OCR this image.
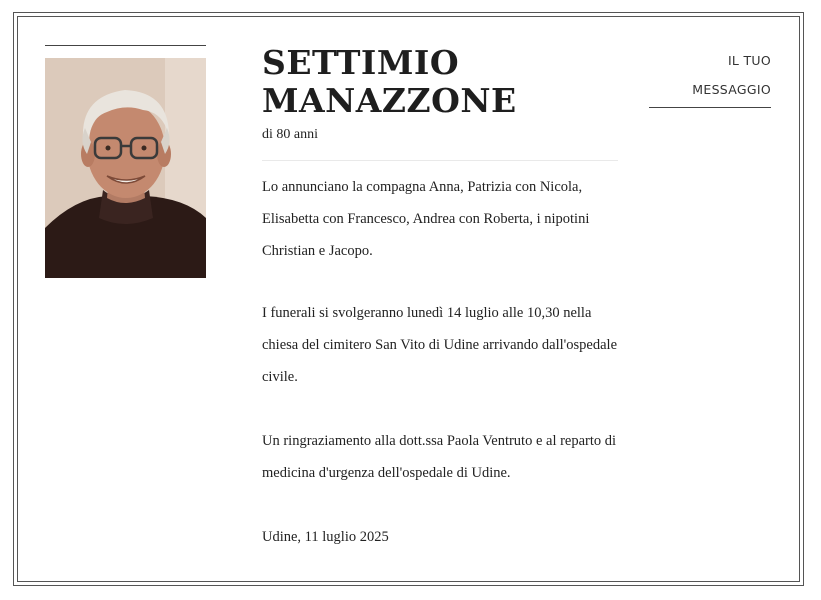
SETTIMIO MANAZZONE
di 80 anni

Lo annunciano la compagna Anna, Patrizia con Nicola, Elisabetta con Francesco, Andrea con Roberta, i nipotini Christian e Jacopo.

I funerali si svolgeranno lunedì 14 luglio alle 10,30 nella chiesa del cimitero San Vito di Udine arrivando dall'ospedale civile.

Un ringraziamento alla dott.ssa Paola Ventruto e al reparto di medicina d'urgenza dell'ospedale di Udine.

Udine, 11 luglio 2025

IL TUO
MESSAGGIO
